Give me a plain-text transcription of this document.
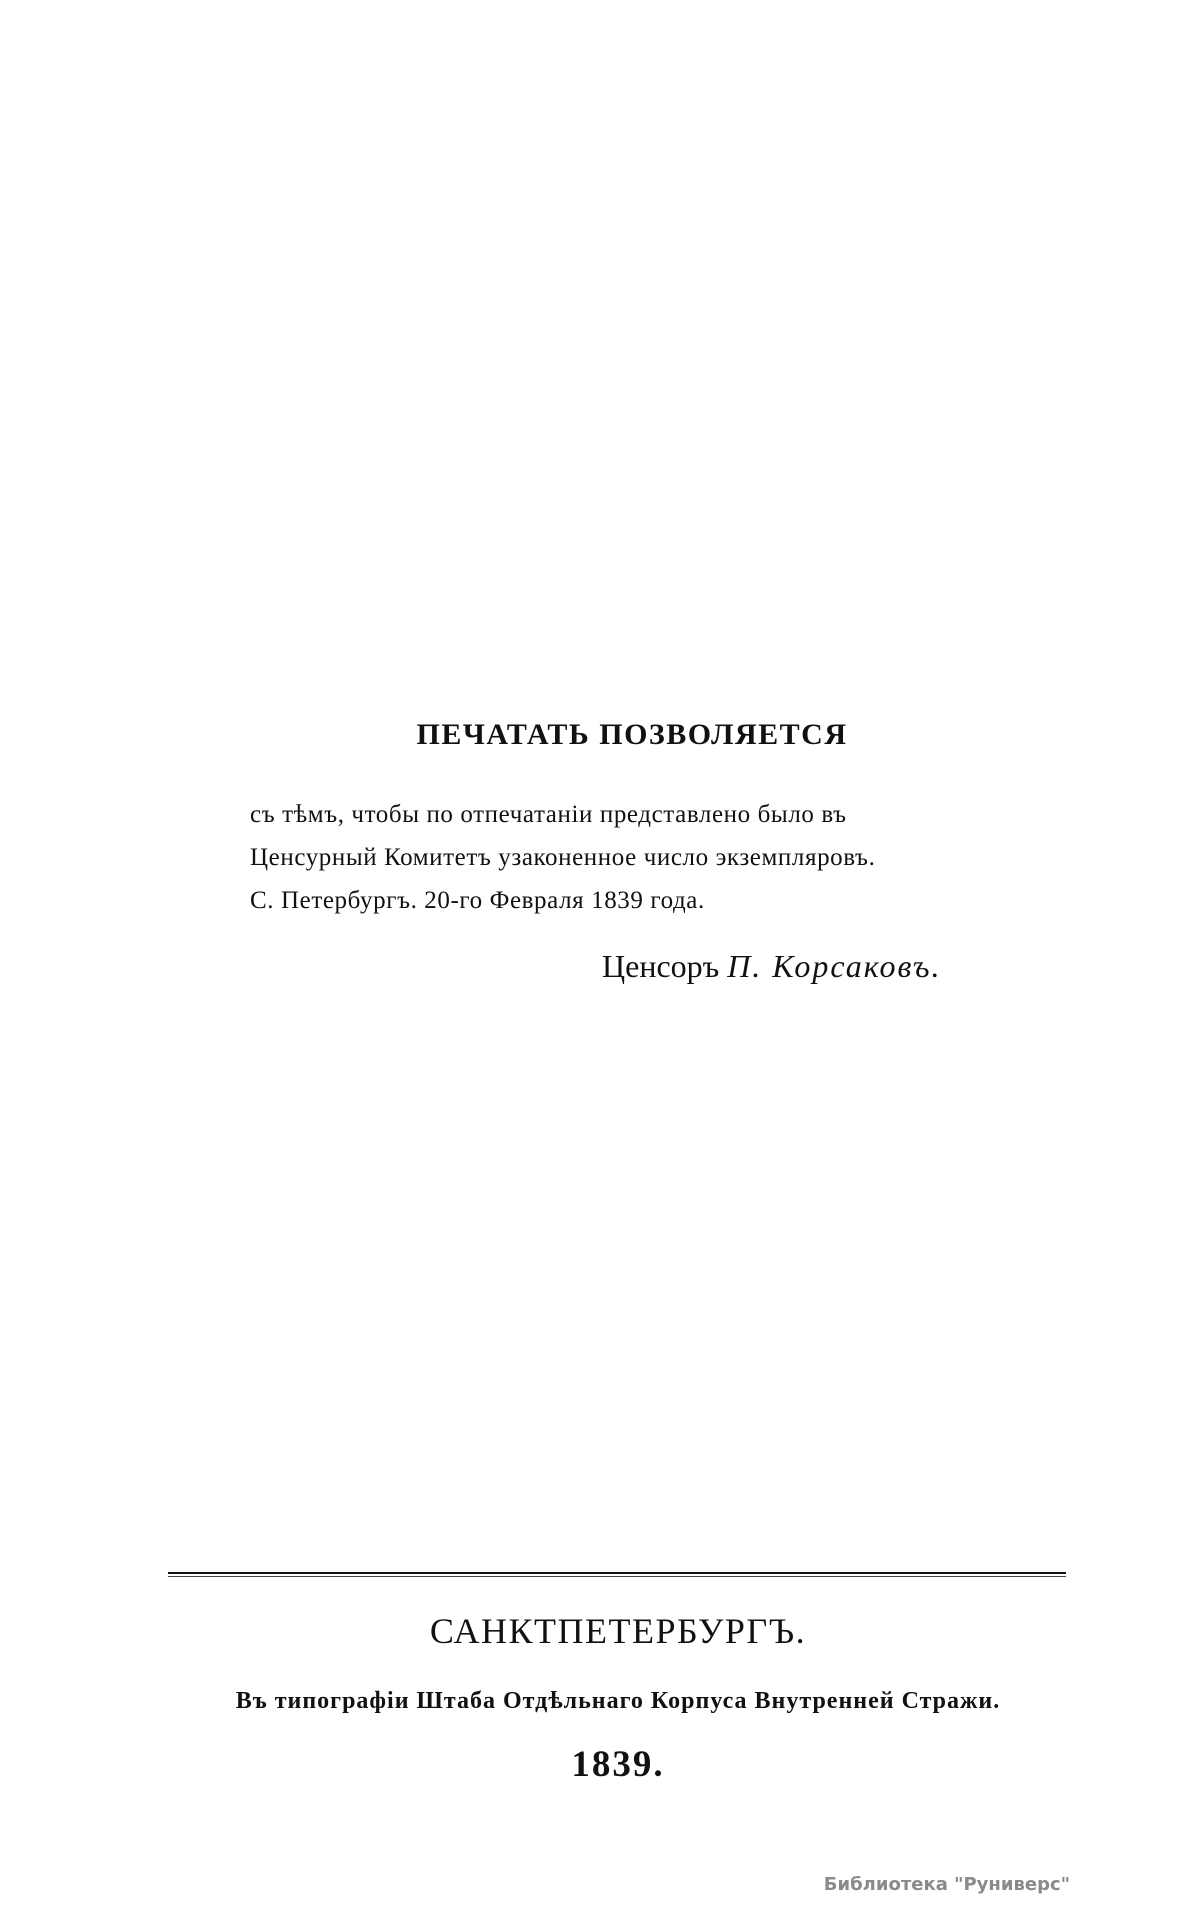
ПЕЧАТАТЬ ПОЗВОЛЯЕТСЯ
съ тѣмъ, чтобы по отпечатаніи представлено было въ
Ценсурный Комитетъ узаконенное число экземпляровъ.
С. Петербургъ. 20-го Февраля 1839 года.
Ценсоръ П. Корсаковъ.
САНКТПЕТЕРБУРГЪ.
Въ типографіи Штаба Отдѣльнаго Корпуса Внутренней Стражи.
1839.
Библиотека "Руниверс"
